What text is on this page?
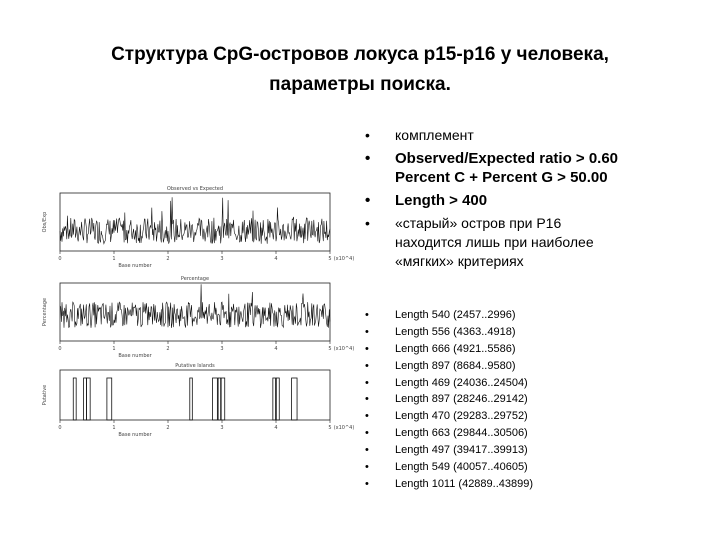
Структура CpG-островов локуса p15-p16 у человека,
параметры поиска.
Observed vs Expected
Obs/Exp
0	1	2	3	4	5
Base number
(x10^4)
Percentage
Percentage
0	1	2	3	4	5
Base number
(x10^4)
Putative Islands
Putative
0	1	2	3	4	5
Base number
(x10^4)
• комплемент
• Observed/Expected ratio > 0.60
Percent C + Percent G > 50.00
• Length > 400
• «старый» остров при P16
находится лишь при наиболее
«мягких» критериях
• Length 540 (2457..2996)
• Length 556 (4363..4918)
• Length 666 (4921..5586)
• Length 897 (8684..9580)
• Length 469 (24036..24504)
• Length 897 (28246..29142)
• Length 470 (29283..29752)
• Length 663 (29844..30506)
• Length 497 (39417..39913)
• Length 549 (40057..40605)
• Length 1011 (42889..43899)
